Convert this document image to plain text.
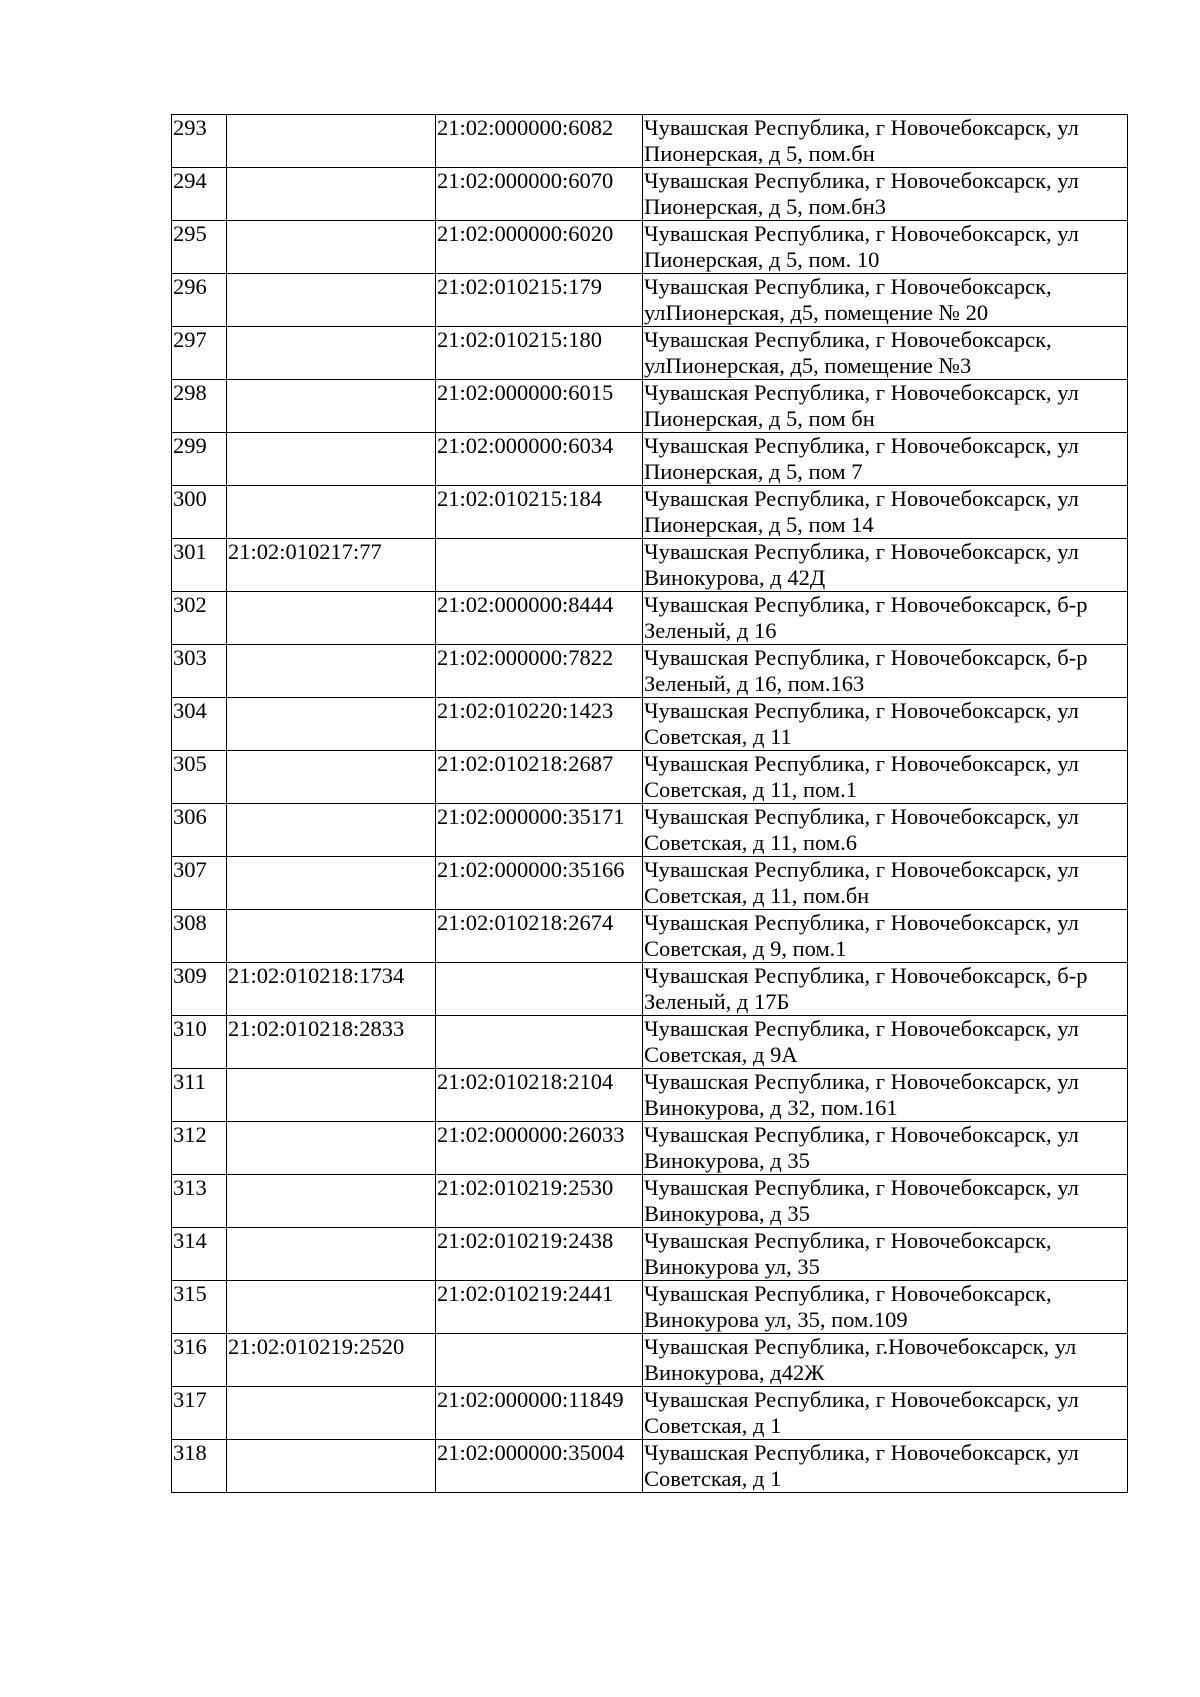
293		21:02:000000:6082	Чувашская Республика, г Новочебоксарск, ул Пионерская, д 5, пом.бн
294		21:02:000000:6070	Чувашская Республика, г Новочебоксарск, ул Пионерская, д 5, пом.бн3
295		21:02:000000:6020	Чувашская Республика, г Новочебоксарск, ул Пионерская, д 5, пом. 10
296		21:02:010215:179	Чувашская Республика, г Новочебоксарск, улПионерская, д5, помещение № 20
297		21:02:010215:180	Чувашская Республика, г Новочебоксарск, улПионерская, д5, помещение №3
298		21:02:000000:6015	Чувашская Республика, г Новочебоксарск, ул Пионерская, д 5, пом бн
299		21:02:000000:6034	Чувашская Республика, г Новочебоксарск, ул Пионерская, д 5, пом 7
300		21:02:010215:184	Чувашская Республика, г Новочебоксарск, ул Пионерская, д 5, пом 14
301	21:02:010217:77		Чувашская Республика, г Новочебоксарск, ул Винокурова, д 42Д
302		21:02:000000:8444	Чувашская Республика, г Новочебоксарск, б-р Зеленый, д 16
303		21:02:000000:7822	Чувашская Республика, г Новочебоксарск, б-р Зеленый, д 16, пом.163
304		21:02:010220:1423	Чувашская Республика, г Новочебоксарск, ул Советская, д 11
305		21:02:010218:2687	Чувашская Республика, г Новочебоксарск, ул Советская, д 11, пом.1
306		21:02:000000:35171	Чувашская Республика, г Новочебоксарск, ул Советская, д 11, пом.6
307		21:02:000000:35166	Чувашская Республика, г Новочебоксарск, ул Советская, д 11, пом.бн
308		21:02:010218:2674	Чувашская Республика, г Новочебоксарск, ул Советская, д 9, пом.1
309	21:02:010218:1734		Чувашская Республика, г Новочебоксарск, б-р Зеленый, д 17Б
310	21:02:010218:2833		Чувашская Республика, г Новочебоксарск, ул Советская, д 9А
311		21:02:010218:2104	Чувашская Республика, г Новочебоксарск, ул Винокурова, д 32, пом.161
312		21:02:000000:26033	Чувашская Республика, г Новочебоксарск, ул Винокурова, д 35
313		21:02:010219:2530	Чувашская Республика, г Новочебоксарск, ул Винокурова, д 35
314		21:02:010219:2438	Чувашская Республика, г Новочебоксарск, Винокурова ул, 35
315		21:02:010219:2441	Чувашская Республика, г Новочебоксарск, Винокурова ул, 35, пом.109
316	21:02:010219:2520		Чувашская Республика, г.Новочебоксарск, ул Винокурова, д42Ж
317		21:02:000000:11849	Чувашская Республика, г Новочебоксарск, ул Советская, д 1
318		21:02:000000:35004	Чувашская Республика, г Новочебоксарск, ул Советская, д 1
